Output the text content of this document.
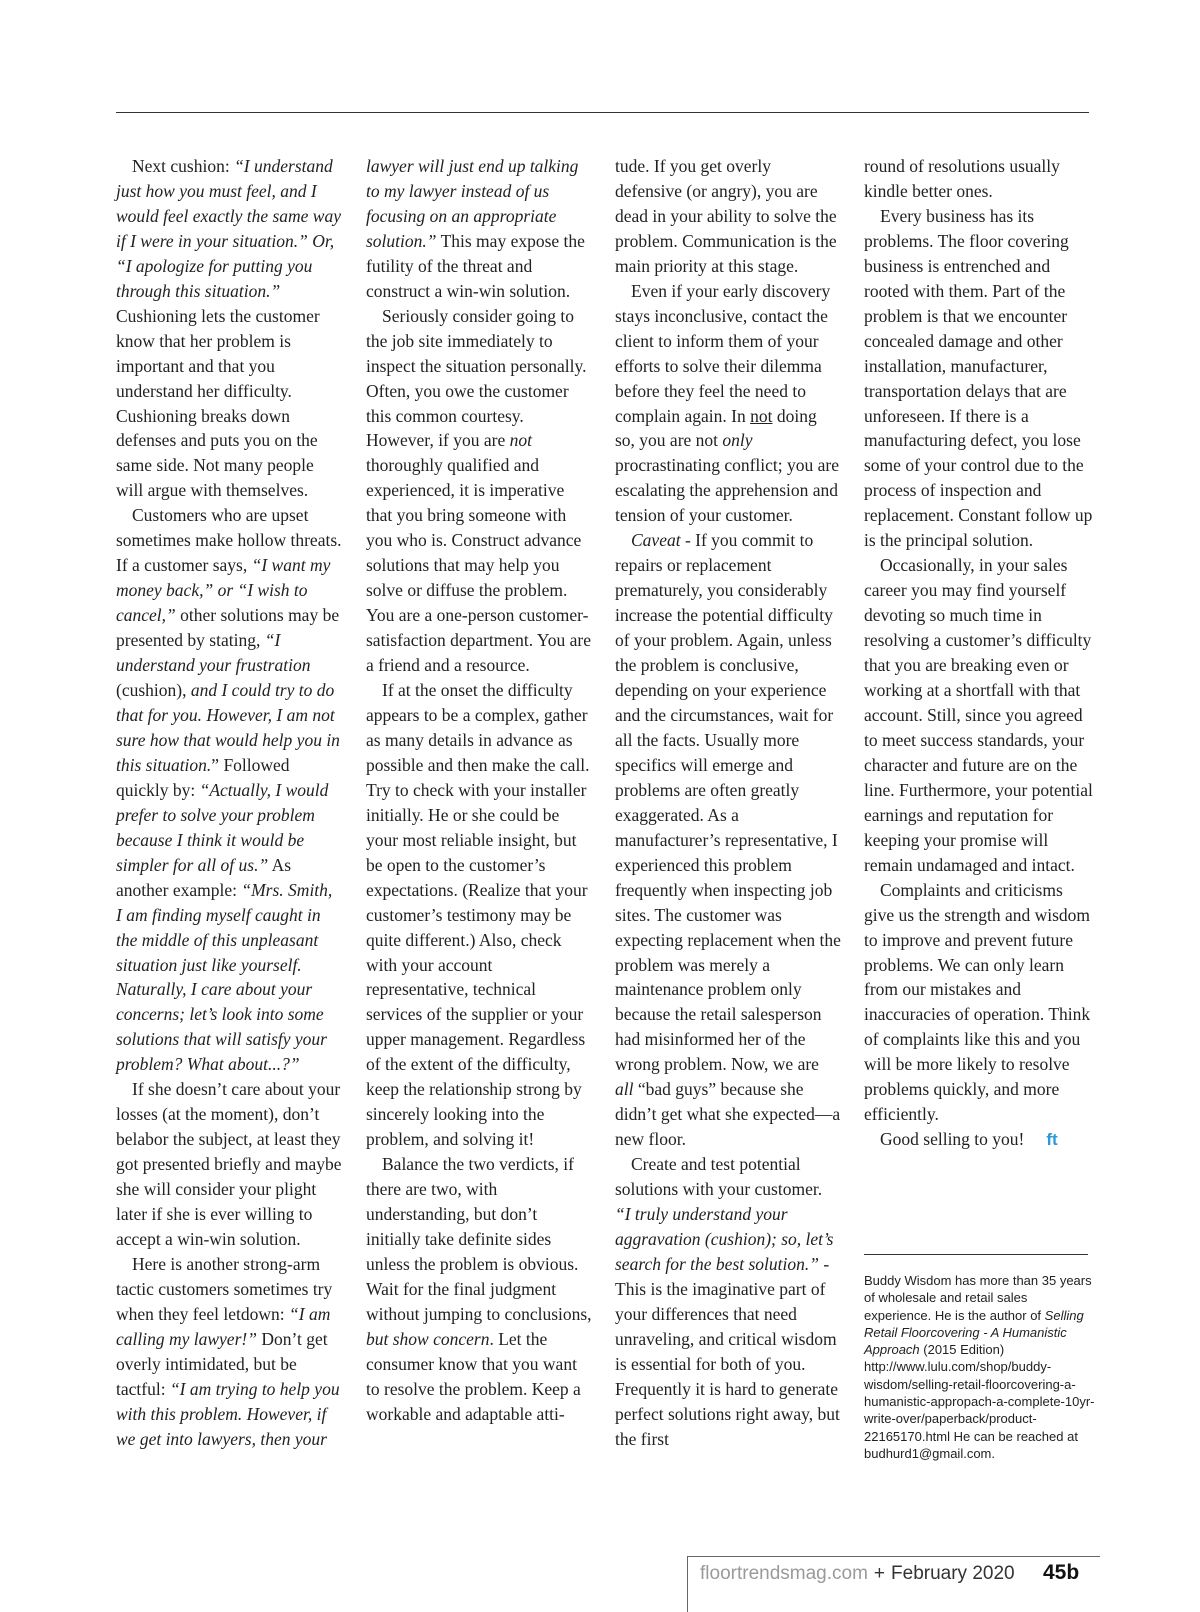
Next cushion: “I understand just how you must feel, and I would feel exactly the same way if I were in your situation.” Or, “I apologize for putting you through this situation.” Cushioning lets the customer know that her problem is important and that you understand her difficulty. Cushioning breaks down defenses and puts you on the same side. Not many people will argue with themselves.

Customers who are upset sometimes make hollow threats. If a customer says, “I want my money back,” or “I wish to cancel,” other solutions may be presented by stating, “I understand your frustration (cushion), and I could try to do that for you. However, I am not sure how that would help you in this situation.” Followed quickly by: “Actually, I would prefer to solve your problem because I think it would be simpler for all of us.” As another example: “Mrs. Smith, I am finding myself caught in the middle of this unpleasant situation just like yourself. Naturally, I care about your concerns; let’s look into some solutions that will satisfy your problem? What about...?”

If she doesn’t care about your losses (at the moment), don’t belabor the subject, at least they got presented briefly and maybe she will consider your plight later if she is ever willing to accept a win-win solution.

Here is another strong-arm tactic customers sometimes try when they feel letdown: “I am calling my lawyer!” Don’t get overly intimidated, but be tactful: “I am trying to help you with this problem. However, if we get into lawyers, then your

lawyer will just end up talking to my lawyer instead of us focusing on an appropriate solution.” This may expose the futility of the threat and construct a win-win solution.

Seriously consider going to the job site immediately to inspect the situation personally. Often, you owe the customer this common courtesy. However, if you are not thoroughly qualified and experienced, it is imperative that you bring someone with you who is. Construct advance solutions that may help you solve or diffuse the problem. You are a one-person customer-satisfaction department. You are a friend and a resource.

If at the onset the difficulty appears to be a complex, gather as many details in advance as possible and then make the call. Try to check with your installer initially. He or she could be your most reliable insight, but be open to the customer’s expectations. (Realize that your customer’s testimony may be quite different.) Also, check with your account representative, technical services of the supplier or your upper management. Regardless of the extent of the difficulty, keep the relationship strong by sincerely looking into the problem, and solving it!

Balance the two verdicts, if there are two, with understanding, but don’t initially take definite sides unless the problem is obvious. Wait for the final judgment without jumping to conclusions, but show concern. Let the consumer know that you want to resolve the problem. Keep a workable and adaptable atti-

tude. If you get overly defensive (or angry), you are dead in your ability to solve the problem. Communication is the main priority at this stage.

Even if your early discovery stays inconclusive, contact the client to inform them of your efforts to solve their dilemma before they feel the need to complain again. In not doing so, you are not only procrastinating conflict; you are escalating the apprehension and tension of your customer.

Caveat - If you commit to repairs or replacement prematurely, you considerably increase the potential difficulty of your problem. Again, unless the problem is conclusive, depending on your experience and the circumstances, wait for all the facts. Usually more specifics will emerge and problems are often greatly exaggerated. As a manufacturer’s representative, I experienced this problem frequently when inspecting job sites. The customer was expecting replacement when the problem was merely a maintenance problem only because the retail salesperson had misinformed her of the wrong problem. Now, we are all “bad guys” because she didn’t get what she expected—a new floor.

Create and test potential solutions with your customer. “I truly understand your aggravation (cushion); so, let’s search for the best solution.” - This is the imaginative part of your differences that need unraveling, and critical wisdom is essential for both of you. Frequently it is hard to generate perfect solutions right away, but the first

round of resolutions usually kindle better ones.

Every business has its problems. The floor covering business is entrenched and rooted with them. Part of the problem is that we encounter concealed damage and other installation, manufacturer, transportation delays that are unforeseen. If there is a manufacturing defect, you lose some of your control due to the process of inspection and replacement. Constant follow up is the principal solution.

Occasionally, in your sales career you may find yourself devoting so much time in resolving a customer’s difficulty that you are breaking even or working at a shortfall with that account. Still, since you agreed to meet success standards, your character and future are on the line. Furthermore, your potential earnings and reputation for keeping your promise will remain undamaged and intact.

Complaints and criticisms give us the strength and wisdom to improve and prevent future problems. We can only learn from our mistakes and inaccuracies of operation. Think of complaints like this and you will be more likely to resolve problems quickly, and more efficiently.

Good selling to you! ft

Buddy Wisdom has more than 35 years of wholesale and retail sales experience. He is the author of Selling Retail Floorcovering - A Humanistic Approach (2015 Edition) http://www.lulu.com/shop/buddy-wisdom/selling-retail-floorcovering-a-humanistic-appropach-a-complete-10yr-write-over/paperback/product-22165170.html He can be reached at budhurd1@gmail.com.

floortrendsmag.com + February 2020 45b
